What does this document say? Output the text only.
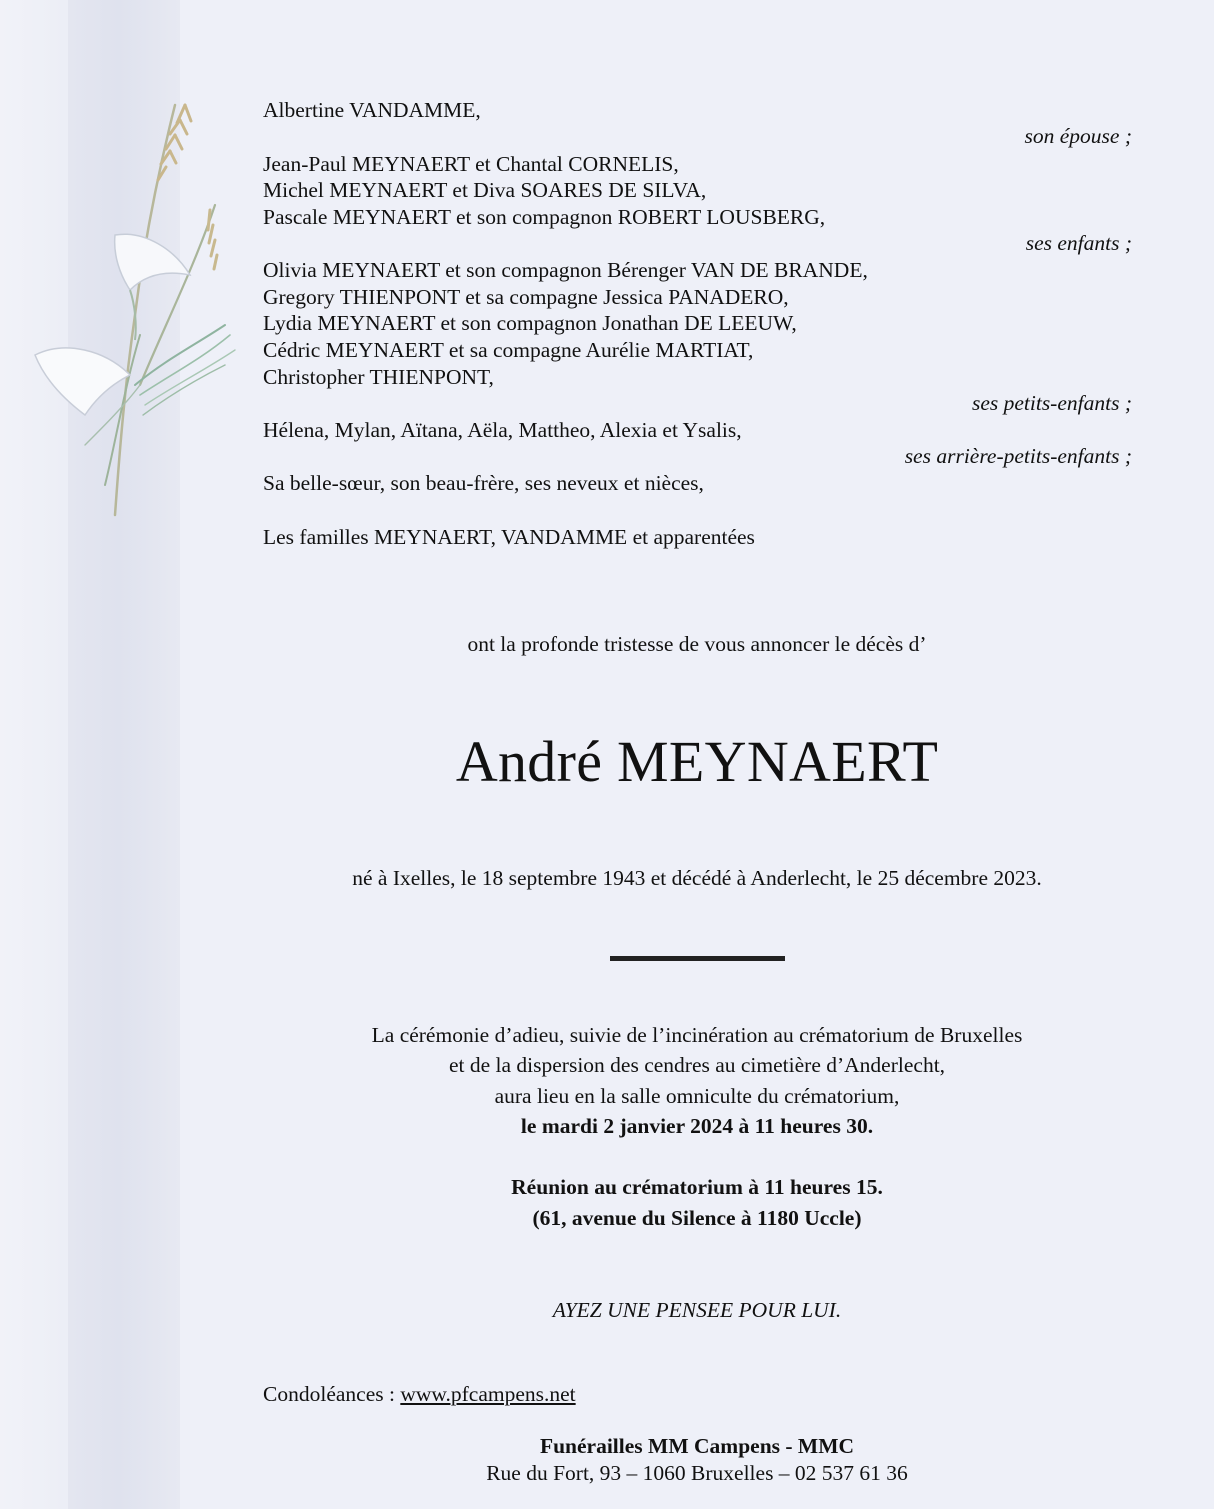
Albertine VANDAMME,
son épouse ;
Jean-Paul MEYNAERT et Chantal CORNELIS,
Michel MEYNAERT et Diva SOARES DE SILVA,
Pascale MEYNAERT et son compagnon ROBERT LOUSBERG,
ses enfants ;
Olivia MEYNAERT et son compagnon Bérenger VAN DE BRANDE,
Gregory THIENPONT et sa compagne Jessica PANADERO,
Lydia MEYNAERT et son compagnon Jonathan DE LEEUW,
Cédric MEYNAERT et sa compagne Aurélie MARTIAT,
Christopher THIENPONT,
ses petits-enfants ;
Hélena, Mylan, Aïtana, Aëla, Mattheo, Alexia et Ysalis,
ses arrière-petits-enfants ;
Sa belle-sœur, son beau-frère, ses neveux et nièces,
Les familles MEYNAERT, VANDAMME et apparentées
ont la profonde tristesse de vous annoncer le décès d’
André MEYNAERT
né à Ixelles, le 18 septembre 1943 et décédé à Anderlecht, le 25 décembre 2023.
La cérémonie d’adieu, suivie de l’incinération au crématorium de Bruxelles
et de la dispersion des cendres au cimetière d’Anderlecht,
aura lieu en la salle omniculte du crématorium,
le mardi 2 janvier 2024 à 11 heures 30.
Réunion au crématorium à 11 heures 15.
(61, avenue du Silence à 1180 Uccle)
AYEZ UNE PENSEE POUR LUI.
Condoléances : www.pfcampens.net
Funérailles MM Campens - MMC
Rue du Fort, 93 – 1060 Bruxelles – 02 537 61 36
